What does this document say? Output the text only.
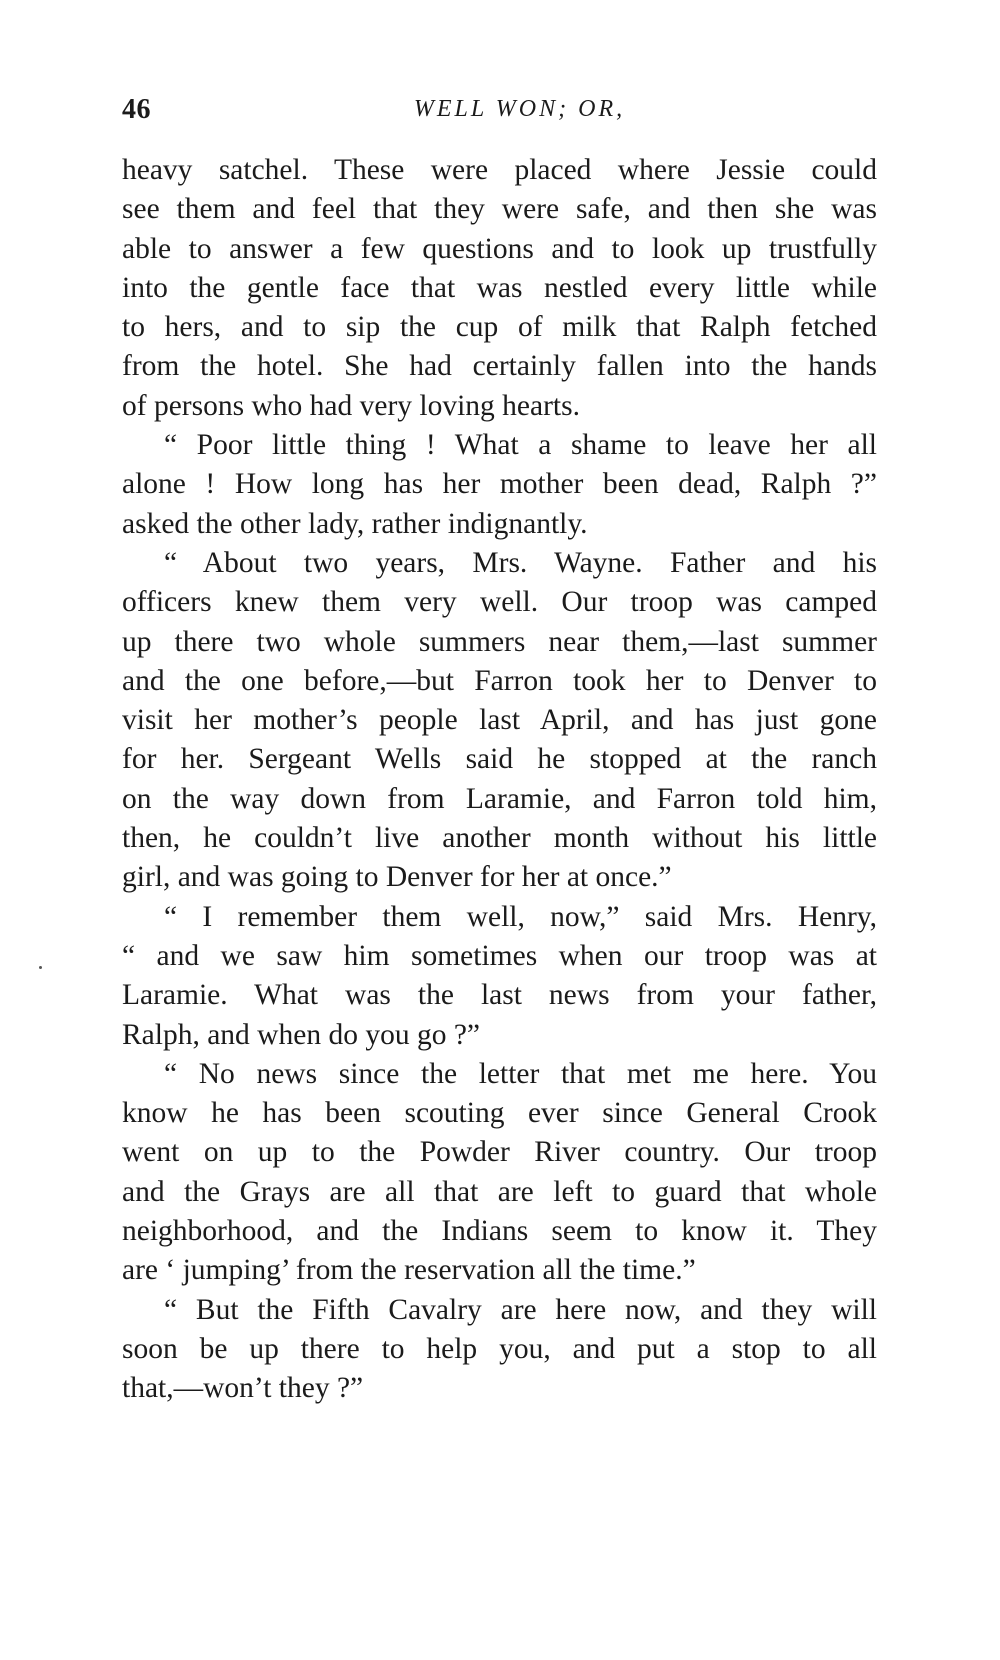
46	WELL WON; OR,
heavy satchel. These were placed where Jessie could
see them and feel that they were safe, and then she was
able to answer a few questions and to look up trustfully
into the gentle face that was nestled every little while
to hers, and to sip the cup of milk that Ralph fetched
from the hotel. She had certainly fallen into the hands
of persons who had very loving hearts.
“ Poor little thing ! What a shame to leave her all
alone ! How long has her mother been dead, Ralph ?”
asked the other lady, rather indignantly.
“ About two years, Mrs. Wayne. Father and his
officers knew them very well. Our troop was camped
up there two whole summers near them,—last summer
and the one before,—but Farron took her to Denver to
visit her mother’s people last April, and has just gone
for her. Sergeant Wells said he stopped at the ranch
on the way down from Laramie, and Farron told him,
then, he couldn’t live another month without his little
girl, and was going to Denver for her at once.”
“ I remember them well, now,” said Mrs. Henry,
“ and we saw him sometimes when our troop was at
Laramie. What was the last news from your father,
Ralph, and when do you go ?”
“ No news since the letter that met me here. You
know he has been scouting ever since General Crook
went on up to the Powder River country. Our troop
and the Grays are all that are left to guard that whole
neighborhood, and the Indians seem to know it. They
are ‘ jumping’ from the reservation all the time.”
“ But the Fifth Cavalry are here now, and they will
soon be up there to help you, and put a stop to all
that,—won’t they ?”
